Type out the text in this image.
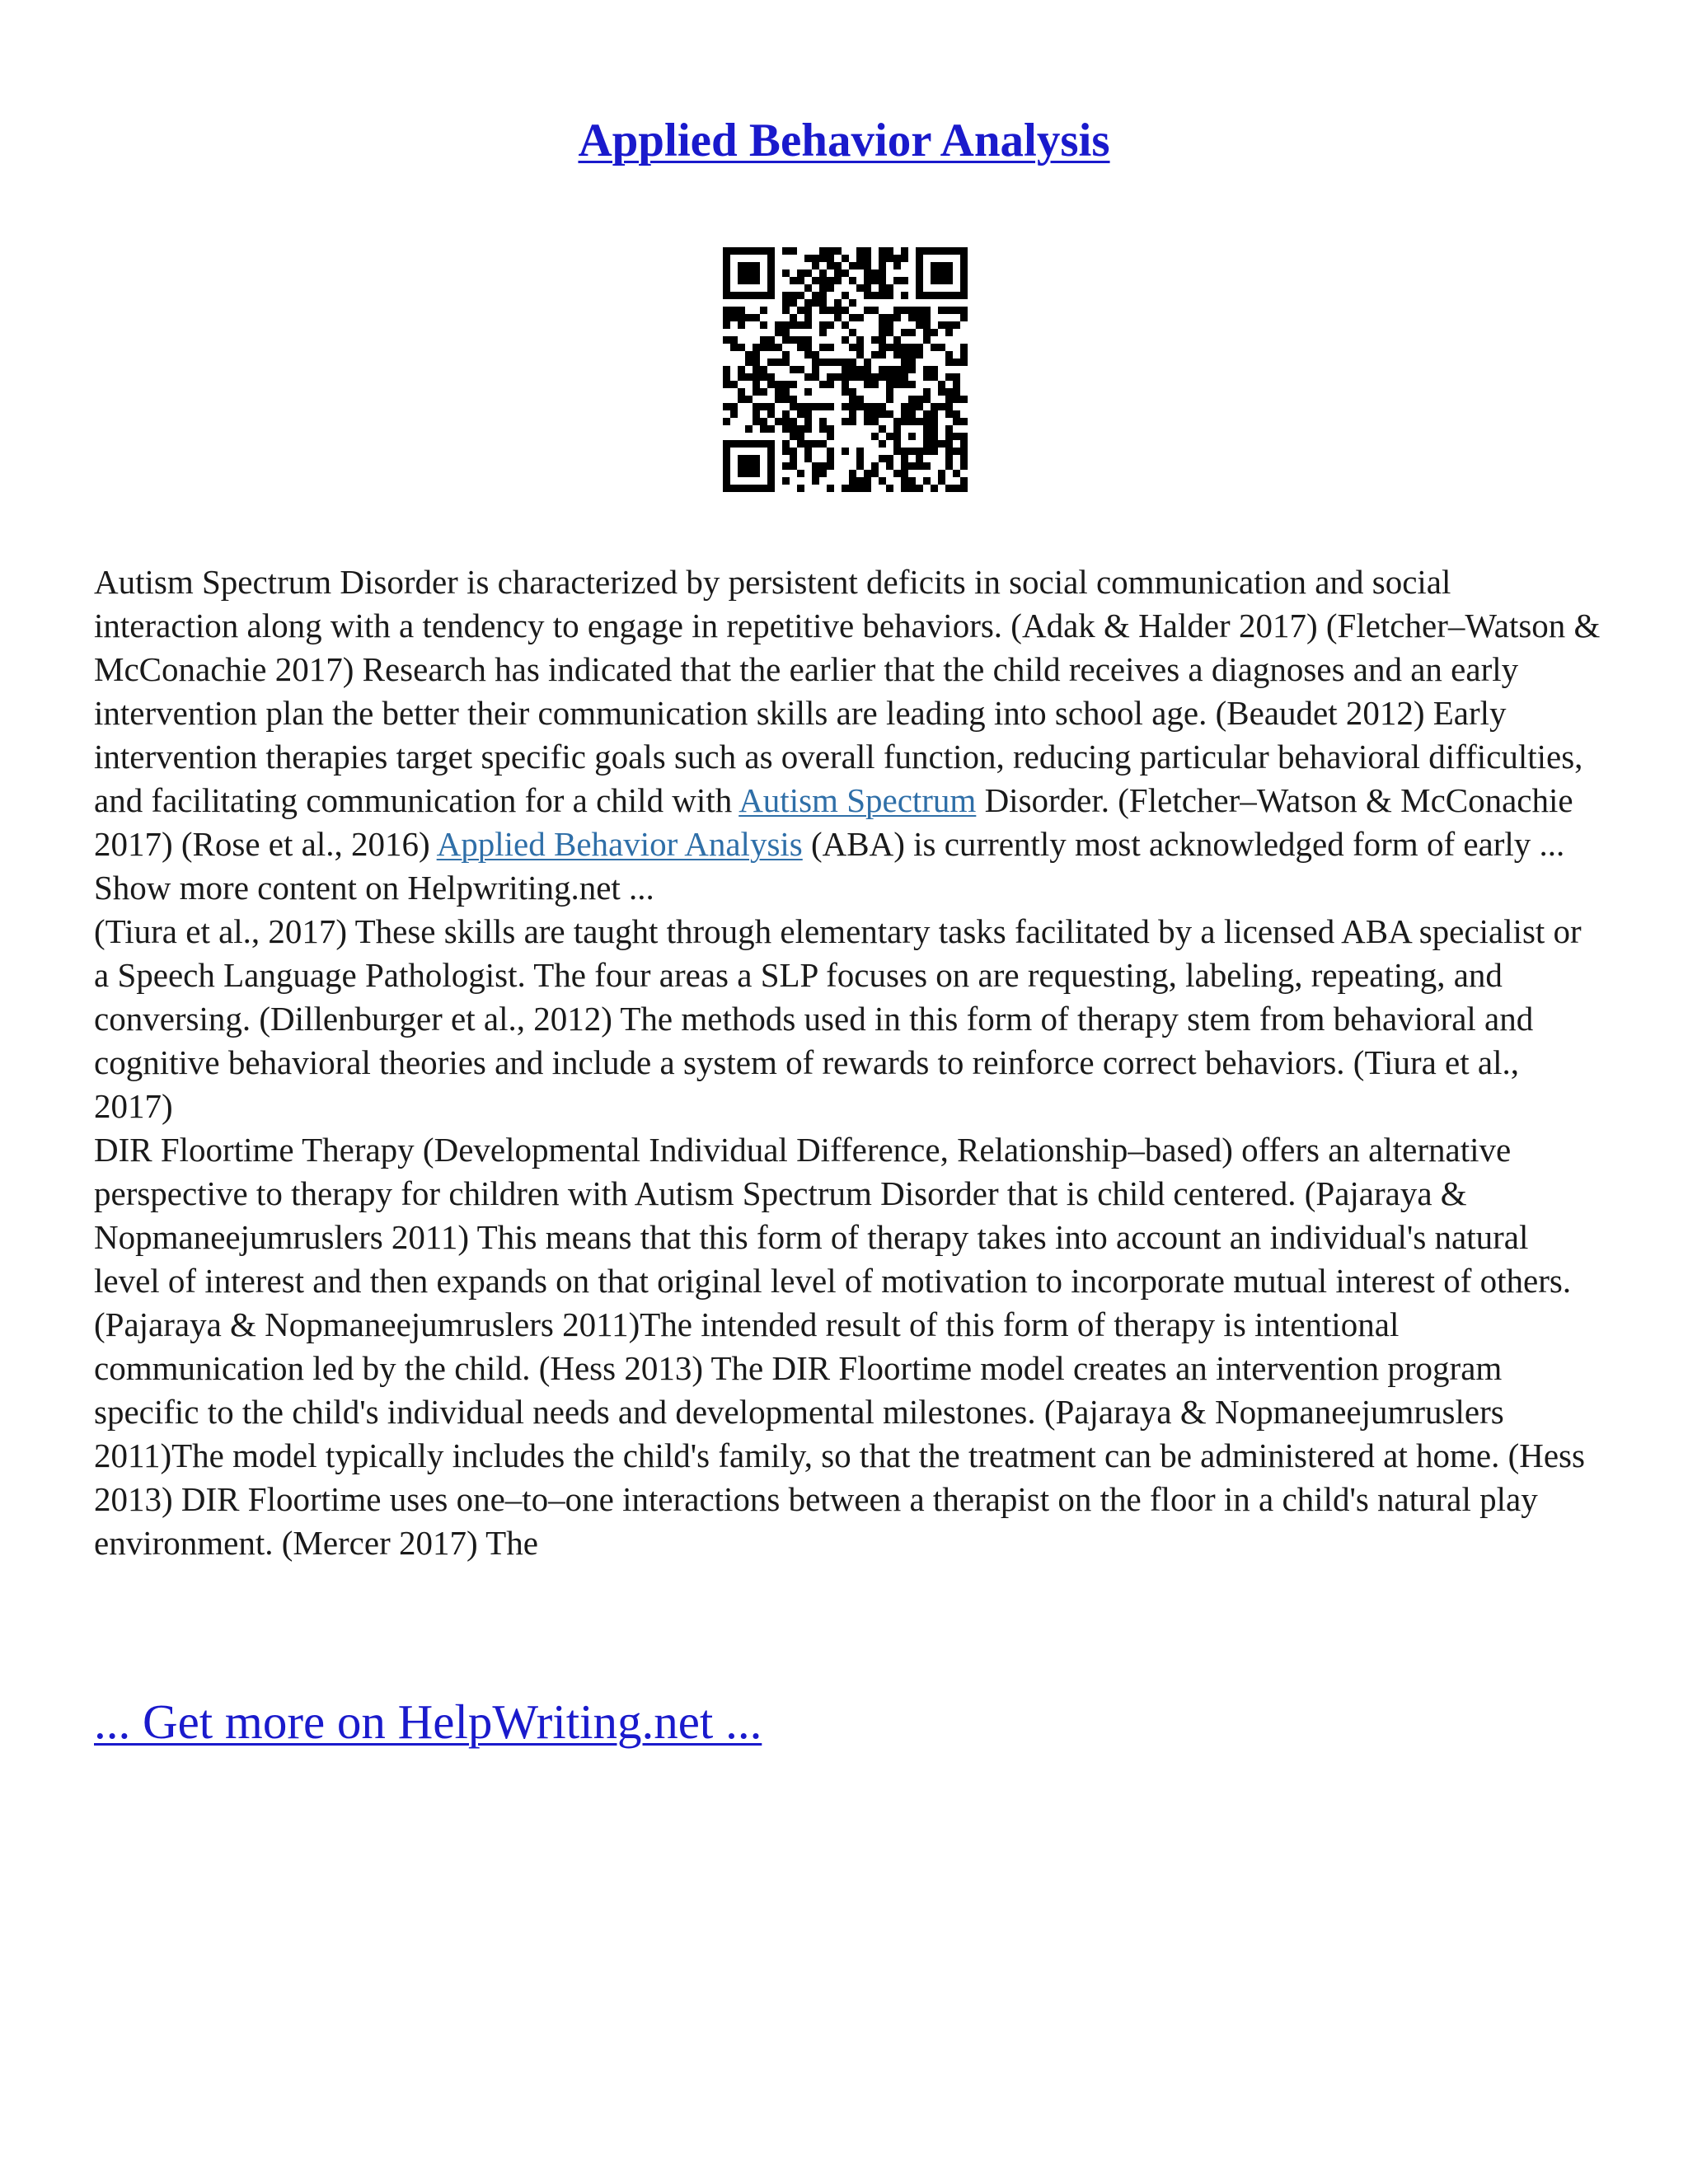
Applied Behavior Analysis

Autism Spectrum Disorder is characterized by persistent deficits in social communication and social interaction along with a tendency to engage in repetitive behaviors. (Adak & Halder 2017) (Fletcher–Watson & McConachie 2017) Research has indicated that the earlier that the child receives a diagnoses and an early intervention plan the better their communication skills are leading into school age. (Beaudet 2012) Early intervention therapies target specific goals such as overall function, reducing particular behavioral difficulties, and facilitating communication for a child with Autism Spectrum Disorder. (Fletcher–Watson & McConachie 2017) (Rose et al., 2016) Applied Behavior Analysis (ABA) is currently most acknowledged form of early ... Show more content on Helpwriting.net ...

(Tiura et al., 2017) These skills are taught through elementary tasks facilitated by a licensed ABA specialist or a Speech Language Pathologist. The four areas a SLP focuses on are requesting, labeling, repeating, and conversing. (Dillenburger et al., 2012) The methods used in this form of therapy stem from behavioral and cognitive behavioral theories and include a system of rewards to reinforce correct behaviors. (Tiura et al., 2017)

DIR Floortime Therapy (Developmental Individual Difference, Relationship–based) offers an alternative perspective to therapy for children with Autism Spectrum Disorder that is child centered. (Pajaraya & Nopmaneejumruslers 2011) This means that this form of therapy takes into account an individual's natural level of interest and then expands on that original level of motivation to incorporate mutual interest of others. (Pajaraya & Nopmaneejumruslers 2011)The intended result of this form of therapy is intentional communication led by the child. (Hess 2013) The DIR Floortime model creates an intervention program specific to the child's individual needs and developmental milestones. (Pajaraya & Nopmaneejumruslers 2011)The model typically includes the child's family, so that the treatment can be administered at home. (Hess 2013) DIR Floortime uses one–to–one interactions between a therapist on the floor in a child's natural play environment. (Mercer 2017) The

... Get more on HelpWriting.net ...
